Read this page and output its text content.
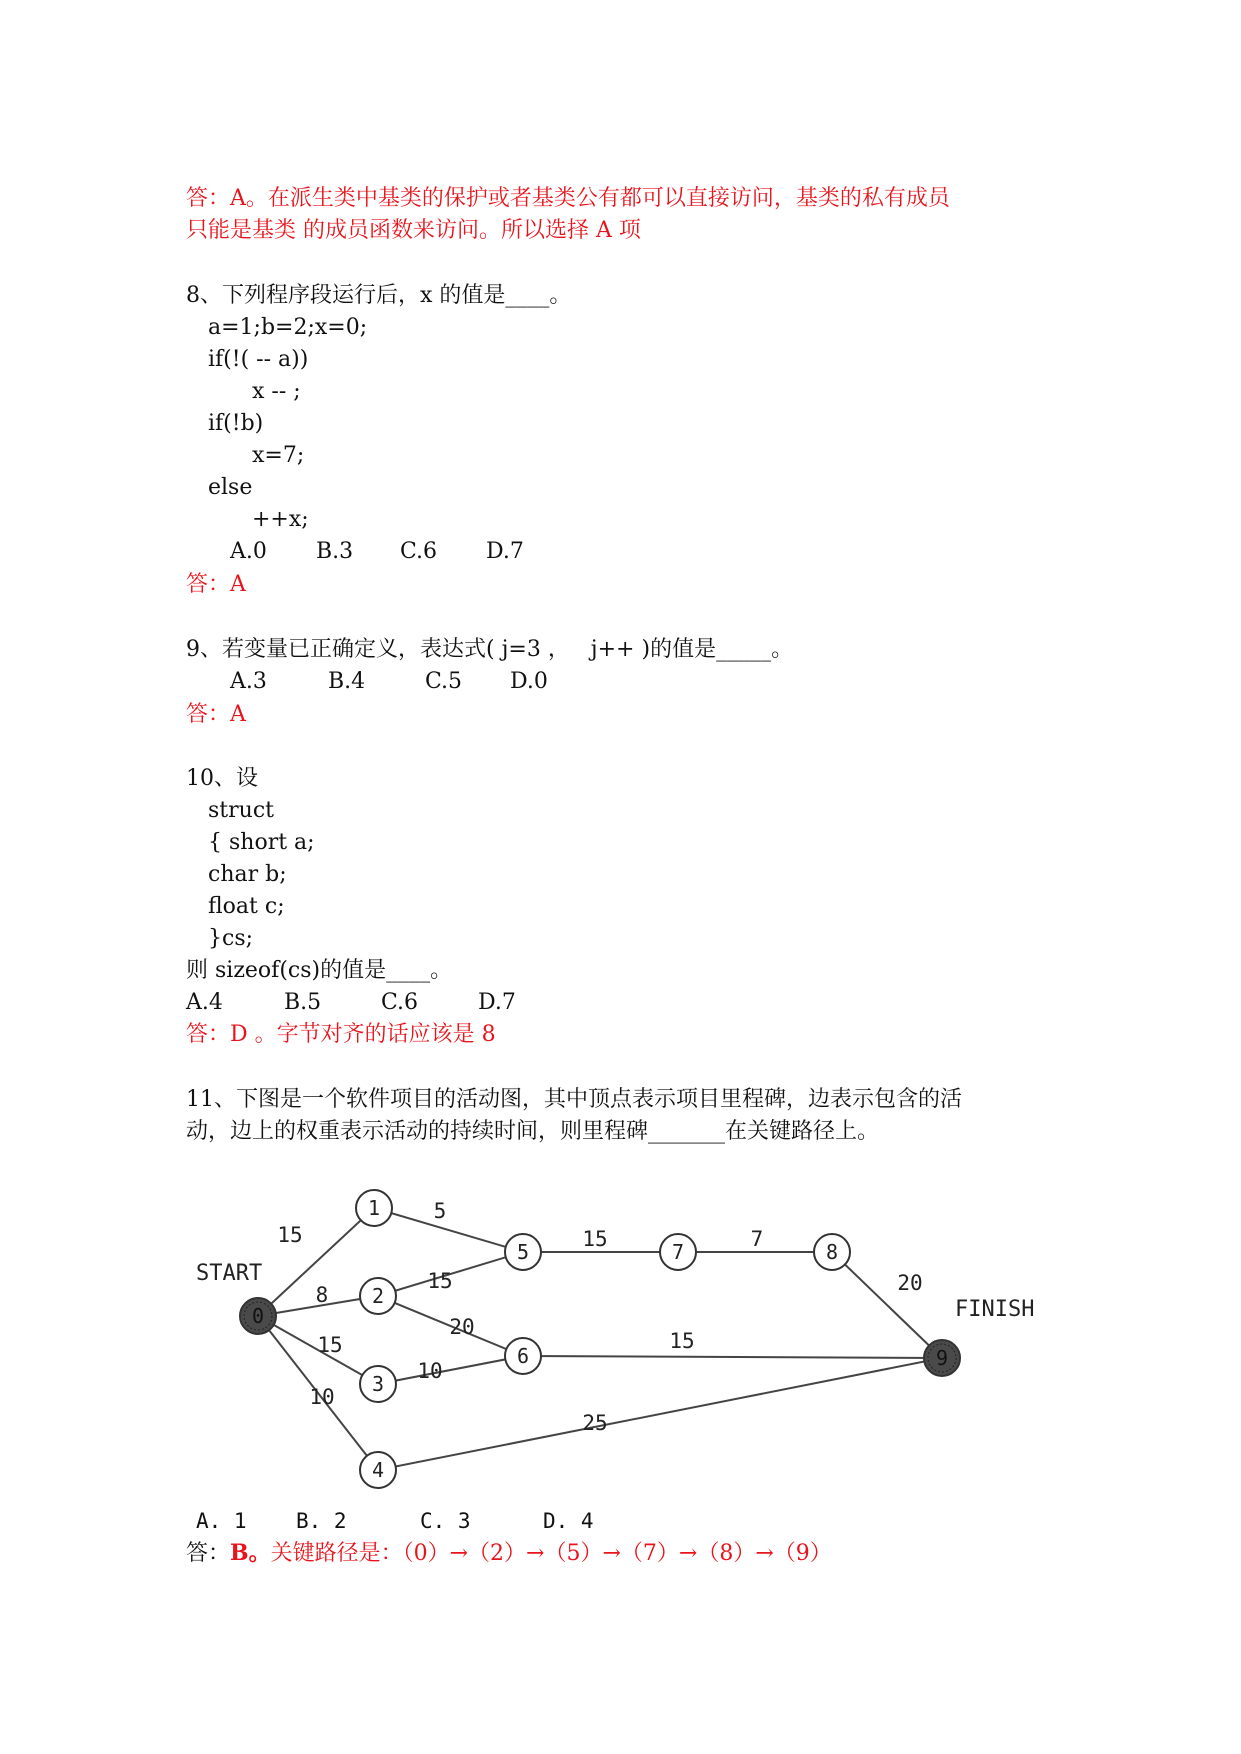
答：A。在派生类中基类的保护或者基类公有都可以直接访问，基类的私有成员
只能是基类 的成员函数来访问。所以选择 A 项
8、下列程序段运行后，x 的值是____。
a=1;b=2;x=0;
if(!( -- a))
x -- ;
if(!b)
x=7;
else
++x;
A.0 B.3 C.6 D.7
答：A
9、若变量已正确定义，表达式( j=3 ，   j++ )的值是_____。
A.3	B.4	C.5 D.0
答：A
10、设
struct
{ short a;
char b;
float c;
}cs;
则 sizeof(cs)的值是____。
A.4	B.5	C.6	D.7
答：D 。字节对齐的话应该是 8
11、下图是一个软件项目的活动图，其中顶点表示项目里程碑，边表示包含的活
动，边上的权重表示活动的持续时间，则里程碑_______在关键路径上。
15
8
15
10
5
15
20
10
15	7
20
15
25
0
1
2
3
4
5
6
7	8
9
START
FINISH
A. 1 B. 2	C. 3	D. 4
答：B。关键路径是：（0）→（2）→（5）→（7）→（8）→（9）
